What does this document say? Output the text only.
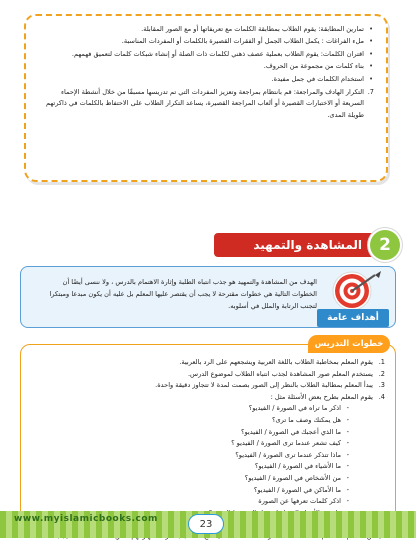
• تمارين المطابقة: يقوم الطلاب بمطابقة الكلمات مع تعريفاتها أو مع الصور المقابلة.
• ملء الفراغات : يكمل الطلاب الجمل أو الفقرات القصيرة بالكلمات أو المفردات المناسبة.
• اقتران الكلمات: يقوم الطلاب بعملية عصف ذهني لكلمات ذات الصلة أو إنشاء شبكات كلمات لتعميق فهمهم.
• بناء كلمات من مجموعة من الحروف.
• استخدام الكلمات في جمل مفيدة.
7.
التكرار الهادف والمراجعة: قم بانتظام بمراجعة وتعزيز المفردات التي تم تدريسها مسبقًا من خلال أنشطة الإحماء السريعة أو الاختبارات القصيرة أو ألعاب المراجعة القصيرة، يساعد التكرار الطلاب على الاحتفاظ بالكلمات في ذاكرتهم طويلة المدى.
المشاهدة والتمهيد	2
الهدف من المشاهدة والتمهيد هو جذب انتباه الطلبة وإثارة الاهتمام بالدرس ، ولا ننسى أيضًا أن الخطوات التالية هي خطوات مقترحة لا يجب أن يقتصر عليها المعلم بل عليه أن يكون مبدعا ومبتكرا لتجنب الرتابة والملل في أسلوبه.
أهداف عامة
خطوات التدريس
1.
يقوم المعلم بمخاطبة الطلاب باللغة العربية ويشجعهم على الرد بالعربية.
2.
يستخدم المعلم صور المشاهدة لجذب انتباه الطلاب لموضوع الدرس.
3.
يبدأ المعلم بمطالبة الطلاب بالنظر إلى الصور بصمت لمدة لا تتجاوز دقيقة واحدة.
4.
يقوم المعلم بطرح بعض الأسئلة مثل :
- اذكر ما تراه في الصورة / الفيديو؟
- هل يمكنك وصف ما ترى؟
- ما الذي أعجبك في الصورة / الفيديو؟
- كيف تشعر عندما ترى الصورة / الفيديو ؟
- ماذا تتذكر عندما ترى الصورة / الفيديو؟
- ما الأشياء في الصورة / الفيديو؟
- من الأشخاص في الصورة / الفيديو؟
- ما الأماكن في الصورة / الفيديو؟
- اذكر كلمات تعرفها عن الصورة
-
-
www.myislamicbooks.com	23
